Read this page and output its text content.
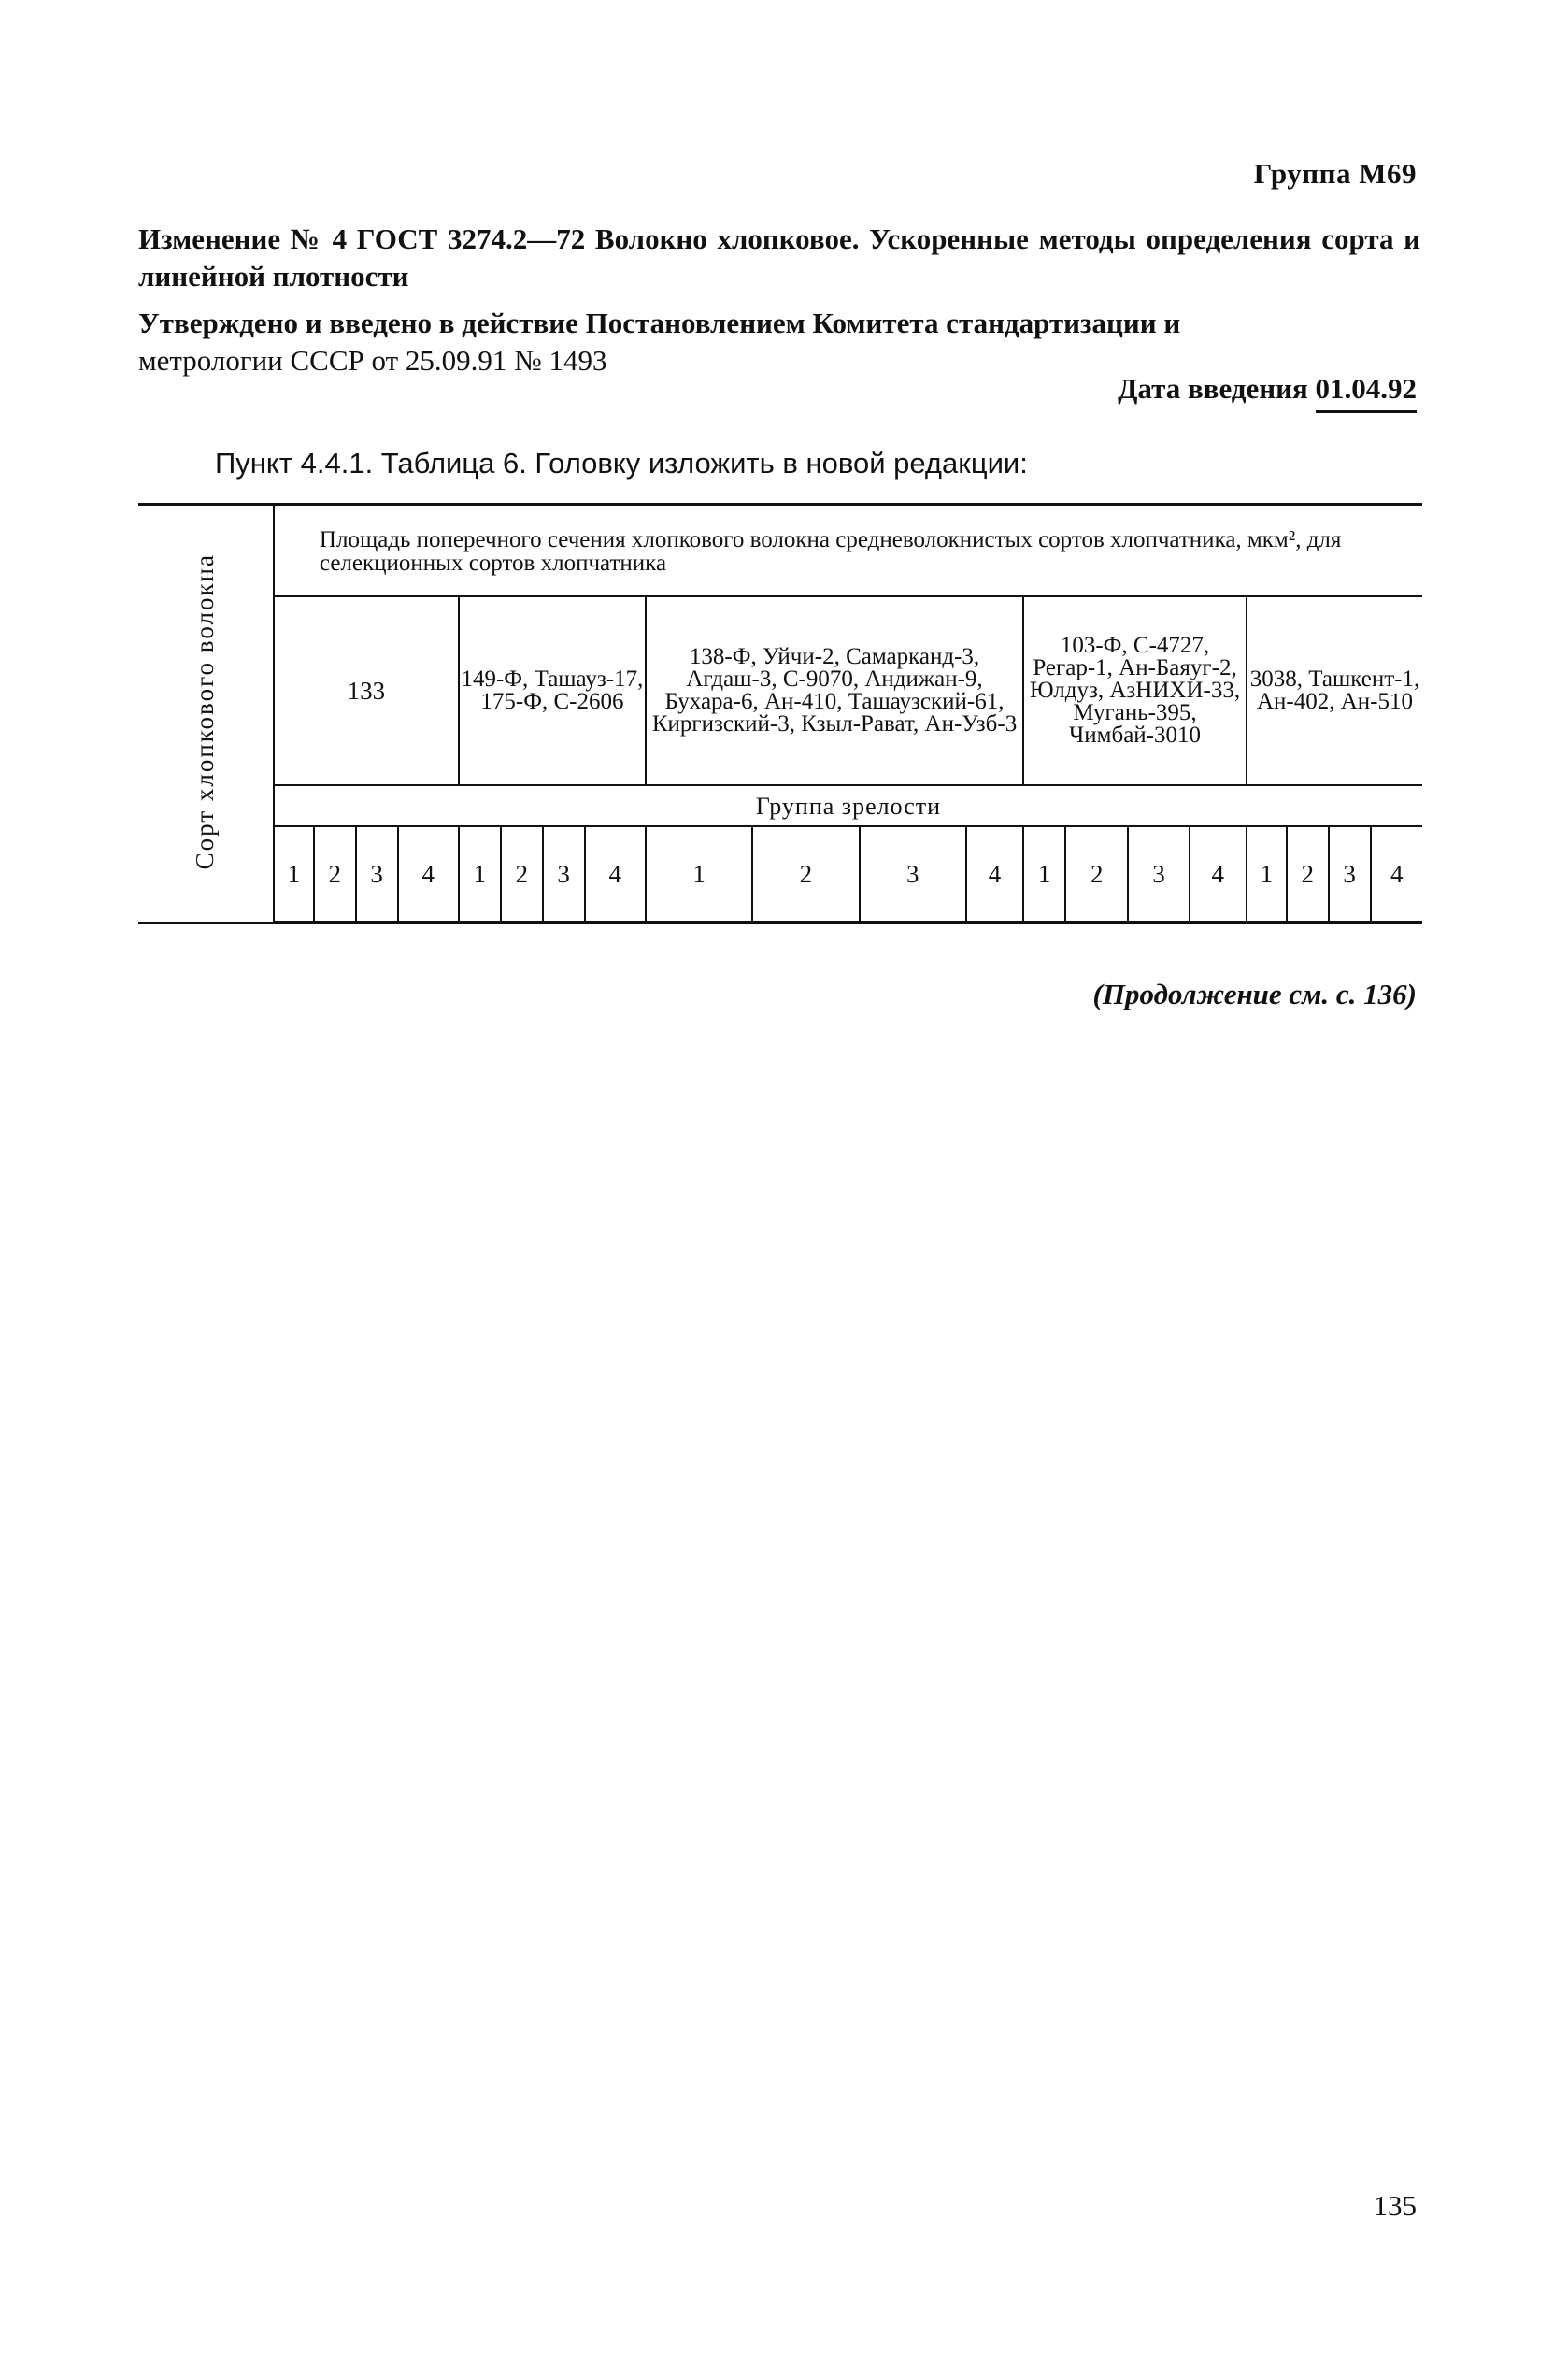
Группа М69
Изменение № 4 ГОСТ 3274.2—72 Волокно хлопковое. Ускоренные методы определения сорта и линейной плотности
Утверждено и введено в действие Постановлением Комитета стандартизации и
метрологии СССР от 25.09.91 № 1493
Дата введения 01.04.92
Пункт 4.4.1. Таблица 6. Головку изложить в новой редакции:
Сорт хлопкового волокна	Площадь поперечного сечения хлопкового волокна средневолокнистых сортов хлопчатника, мкм², для селекционных сортов хлопчатника																			
	133				149-Ф, Ташауз-17, 175-Ф, С-2606				138-Ф, Уйчи-2, Самарканд-3, Агдаш-3, С-9070, Андижан-9, Бухара-6, Ан-410, Ташаузский-61, Киргизский-3, Кзыл-Рават, Ан-Узб-3				103-Ф, С-4727, Регар-1, Ан-Баяуг-2, Юлдуз, АзНИХИ-33, Мугань-395, Чимбай-3010				3038, Ташкент-1, Ан-402, Ан-510			
	Группа зрелости																			
	1	2	3	4	1	2	3	4	1	2	3	4	1	2	3	4	1	2	3	4
(Продолжение см. с. 136)
135
